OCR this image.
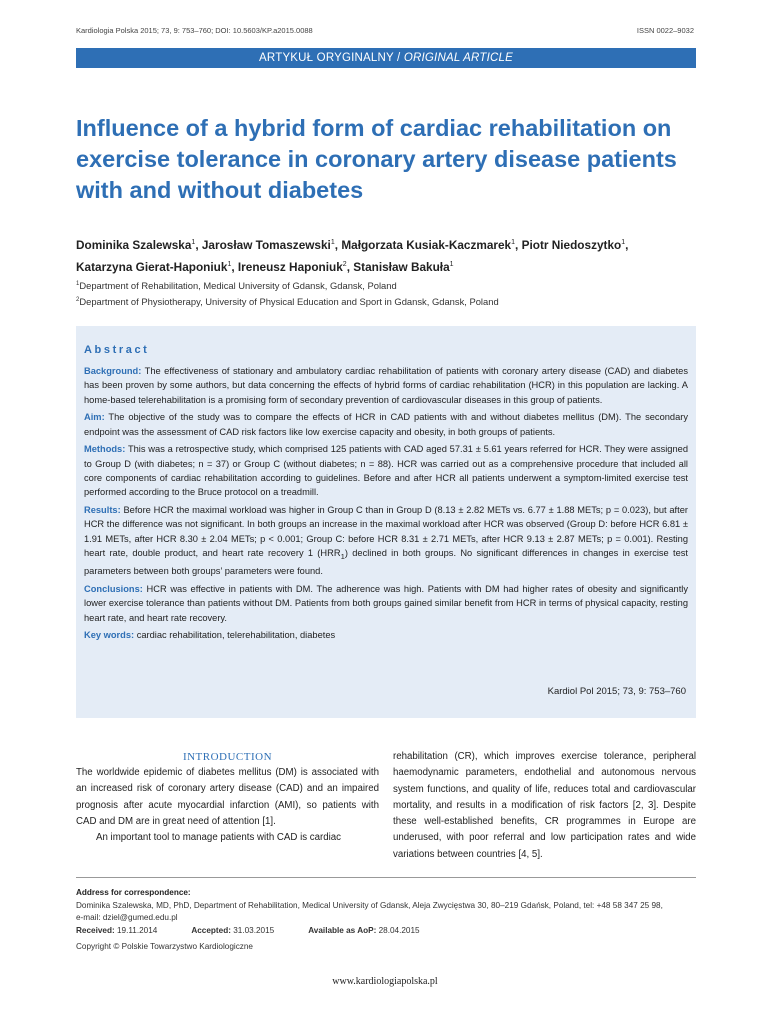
Kardiologia Polska 2015; 73, 9: 753–760; DOI: 10.5603/KP.a2015.0088	ISSN 0022–9032
ARTYKUŁ ORYGINALNY / ORIGINAL ARTICLE
Influence of a hybrid form of cardiac rehabilitation on exercise tolerance in coronary artery disease patients with and without diabetes
Dominika Szalewska$^1$, Jarosław Tomaszewski$^1$, Małgorzata Kusiak-Kaczmarek$^1$, Piotr Niedoszytko$^1$,
Katarzyna Gierat-Haponiuk$^1$, Ireneusz Haponiuk$^2$, Stanisław Bakuła$^1$
$^1$Department of Rehabilitation, Medical University of Gdansk, Gdansk, Poland
$^2$Department of Physiotherapy, University of Physical Education and Sport in Gdansk, Gdansk, Poland
Abstract

Background: The effectiveness of stationary and ambulatory cardiac rehabilitation of patients with coronary artery disease (CAD) and diabetes has been proven by some authors, but data concerning the effects of hybrid forms of cardiac rehabilitation (HCR) in this population are lacking. A home-based telerehabilitation is a promising form of secondary prevention of cardiovascular diseases in this group of patients.

Aim: The objective of the study was to compare the effects of HCR in CAD patients with and without diabetes mellitus (DM). The secondary endpoint was the assessment of CAD risk factors like low exercise capacity and obesity, in both groups of patients.

Methods: This was a retrospective study, which comprised 125 patients with CAD aged 57.31 ± 5.61 years referred for HCR. They were assigned to Group D (with diabetes; n = 37) or Group C (without diabetes; n = 88). HCR was carried out as a comprehensive procedure that included all core components of cardiac rehabilitation according to guidelines. Before and after HCR all patients underwent a symptom-limited exercise test performed according to the Bruce protocol on a treadmill.

Results: Before HCR the maximal workload was higher in Group C than in Group D (8.13 ± 2.82 METs vs. 6.77 ± 1.88 METs; p = 0.023), but after HCR the difference was not significant. In both groups an increase in the maximal workload after HCR was observed (Group D: before HCR 6.81 ± 1.91 METs, after HCR 8.30 ± 2.04 METs; p < 0.001; Group C: before HCR 8.31 ± 2.71 METs, after HCR 9.13 ± 2.87 METs; p = 0.001). Resting heart rate, double product, and heart rate recovery 1 $(HRR_1)$ declined in both groups. No significant differences in changes in exercise test parameters between both groups’ parameters were found.

Conclusions: HCR was effective in patients with DM. The adherence was high. Patients with DM had higher rates of obesity and significantly lower exercise tolerance than patients without DM. Patients from both groups gained similar benefit from HCR in terms of physical capacity, resting heart rate, and heart rate recovery.

Key words: cardiac rehabilitation, telerehabilitation, diabetes

Kardiol Pol 2015; 73, 9: 753–760
INTRODUCTION

The worldwide epidemic of diabetes mellitus (DM) is associated with an increased risk of coronary artery disease (CAD) and an impaired prognosis after acute myocardial infarction (AMI), so patients with CAD and DM are in great need of attention [1].

An important tool to manage patients with CAD is cardiac

Address for correspondence:
Dominika Szalewska, MD, PhD, Department of Rehabilitation, Medical University of Gdansk, Aleja Zwycięstwa 30, 80–219 Gdańsk, Poland, tel: +48 58 347 25 98,
e-mail: dziel@gumed.edu.pl
Received: 19.11.2014	Accepted: 31.03.2015	Available as AoP: 28.04.2015
Copyright © Polskie Towarzystwo Kardiologiczne
www.kardiologiapolska.pl

rehabilitation (CR), which improves exercise tolerance, peripheral haemodynamic parameters, endothelial and autonomous nervous system functions, and quality of life, reduces total and cardiovascular mortality, and results in a modification of risk factors [2, 3]. Despite these well-established benefits, CR programmes in Europe are underused, with poor referral and low participation rates and wide variations between countries [4, 5].
